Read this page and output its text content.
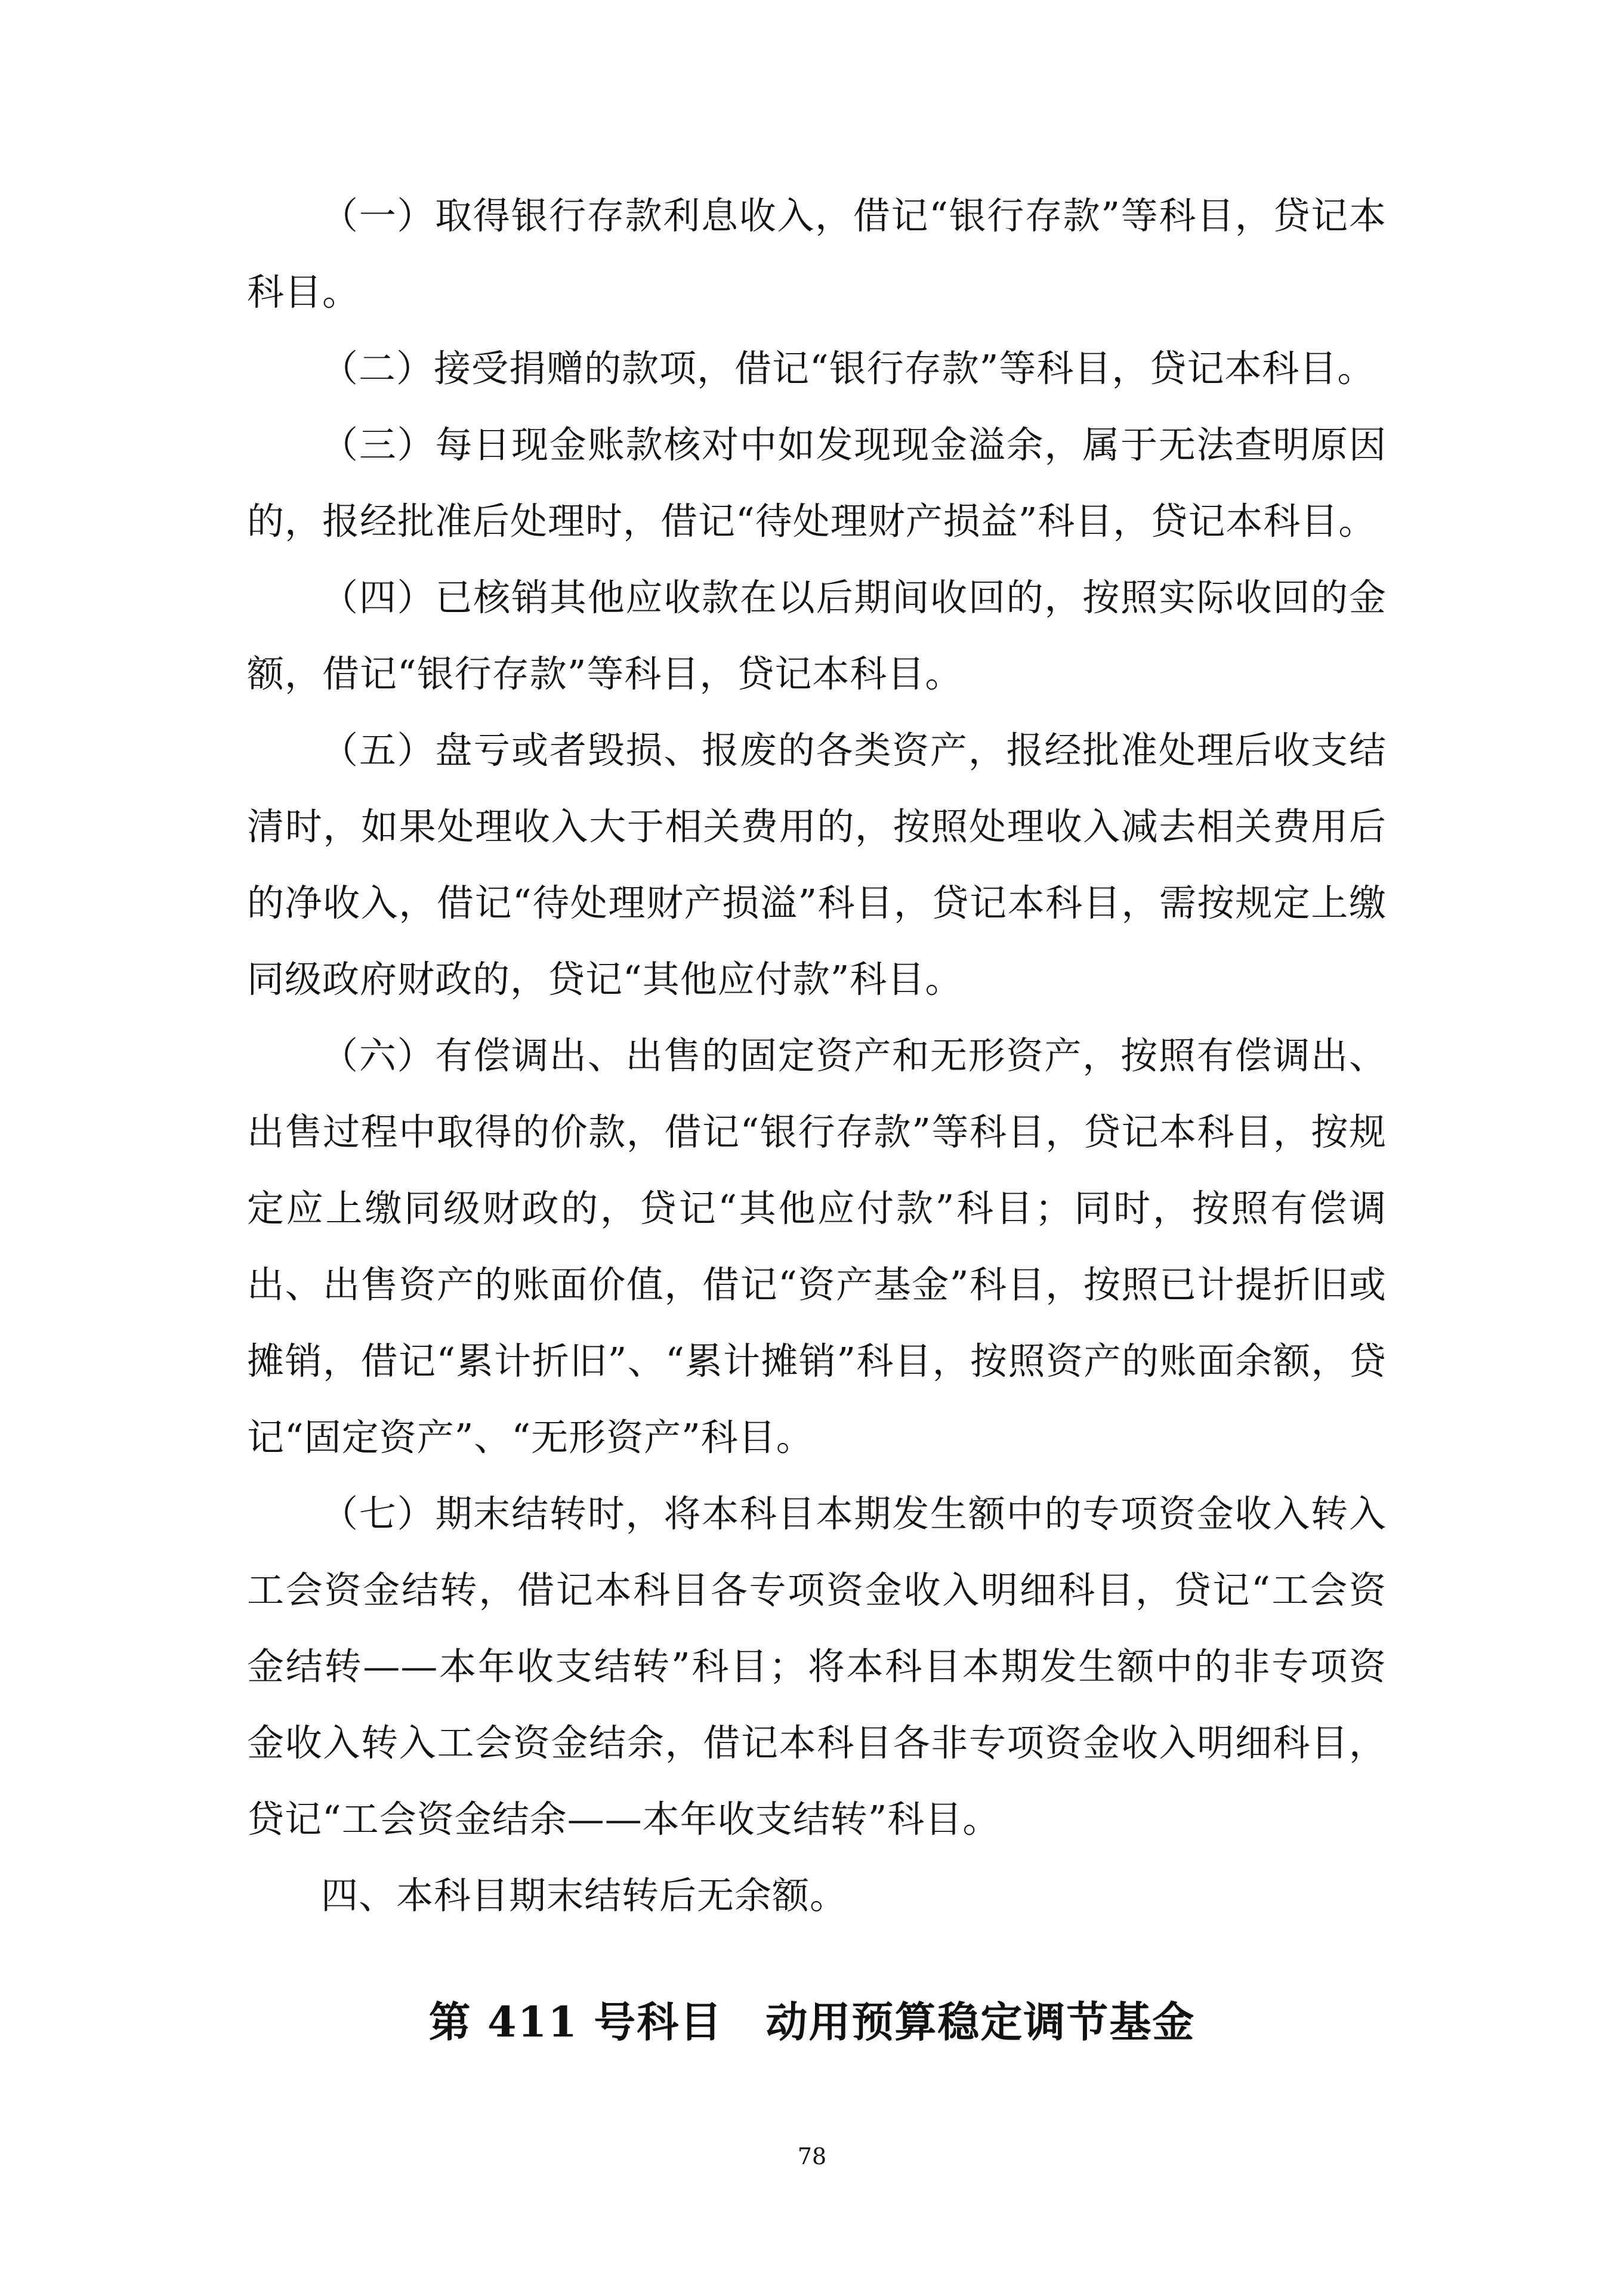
（一）取得银行存款利息收入，借记“银行存款”等科目，贷记本科目。

（二）接受捐赠的款项，借记“银行存款”等科目，贷记本科目。

（三）每日现金账款核对中如发现现金溢余，属于无法查明原因的，报经批准后处理时，借记“待处理财产损益”科目，贷记本科目。

（四）已核销其他应收款在以后期间收回的，按照实际收回的金额，借记“银行存款”等科目，贷记本科目。

（五）盘亏或者毁损、报废的各类资产，报经批准处理后收支结清时，如果处理收入大于相关费用的，按照处理收入减去相关费用后的净收入，借记“待处理财产损溢”科目，贷记本科目，需按规定上缴同级政府财政的，贷记“其他应付款”科目。

（六）有偿调出、出售的固定资产和无形资产，按照有偿调出、出售过程中取得的价款，借记“银行存款”等科目，贷记本科目，按规定应上缴同级财政的，贷记“其他应付款”科目；同时，按照有偿调出、出售资产的账面价值，借记“资产基金”科目，按照已计提折旧或摊销，借记“累计折旧”、“累计摊销”科目，按照资产的账面余额，贷记“固定资产”、“无形资产”科目。

（七）期末结转时，将本科目本期发生额中的专项资金收入转入工会资金结转，借记本科目各专项资金收入明细科目，贷记“工会资金结转——本年收支结转”科目；将本科目本期发生额中的非专项资金收入转入工会资金结余，借记本科目各非专项资金收入明细科目，贷记“工会资金结余——本年收支结转”科目。

四、本科目期末结转后无余额。

第 411 号科目　动用预算稳定调节基金
78
